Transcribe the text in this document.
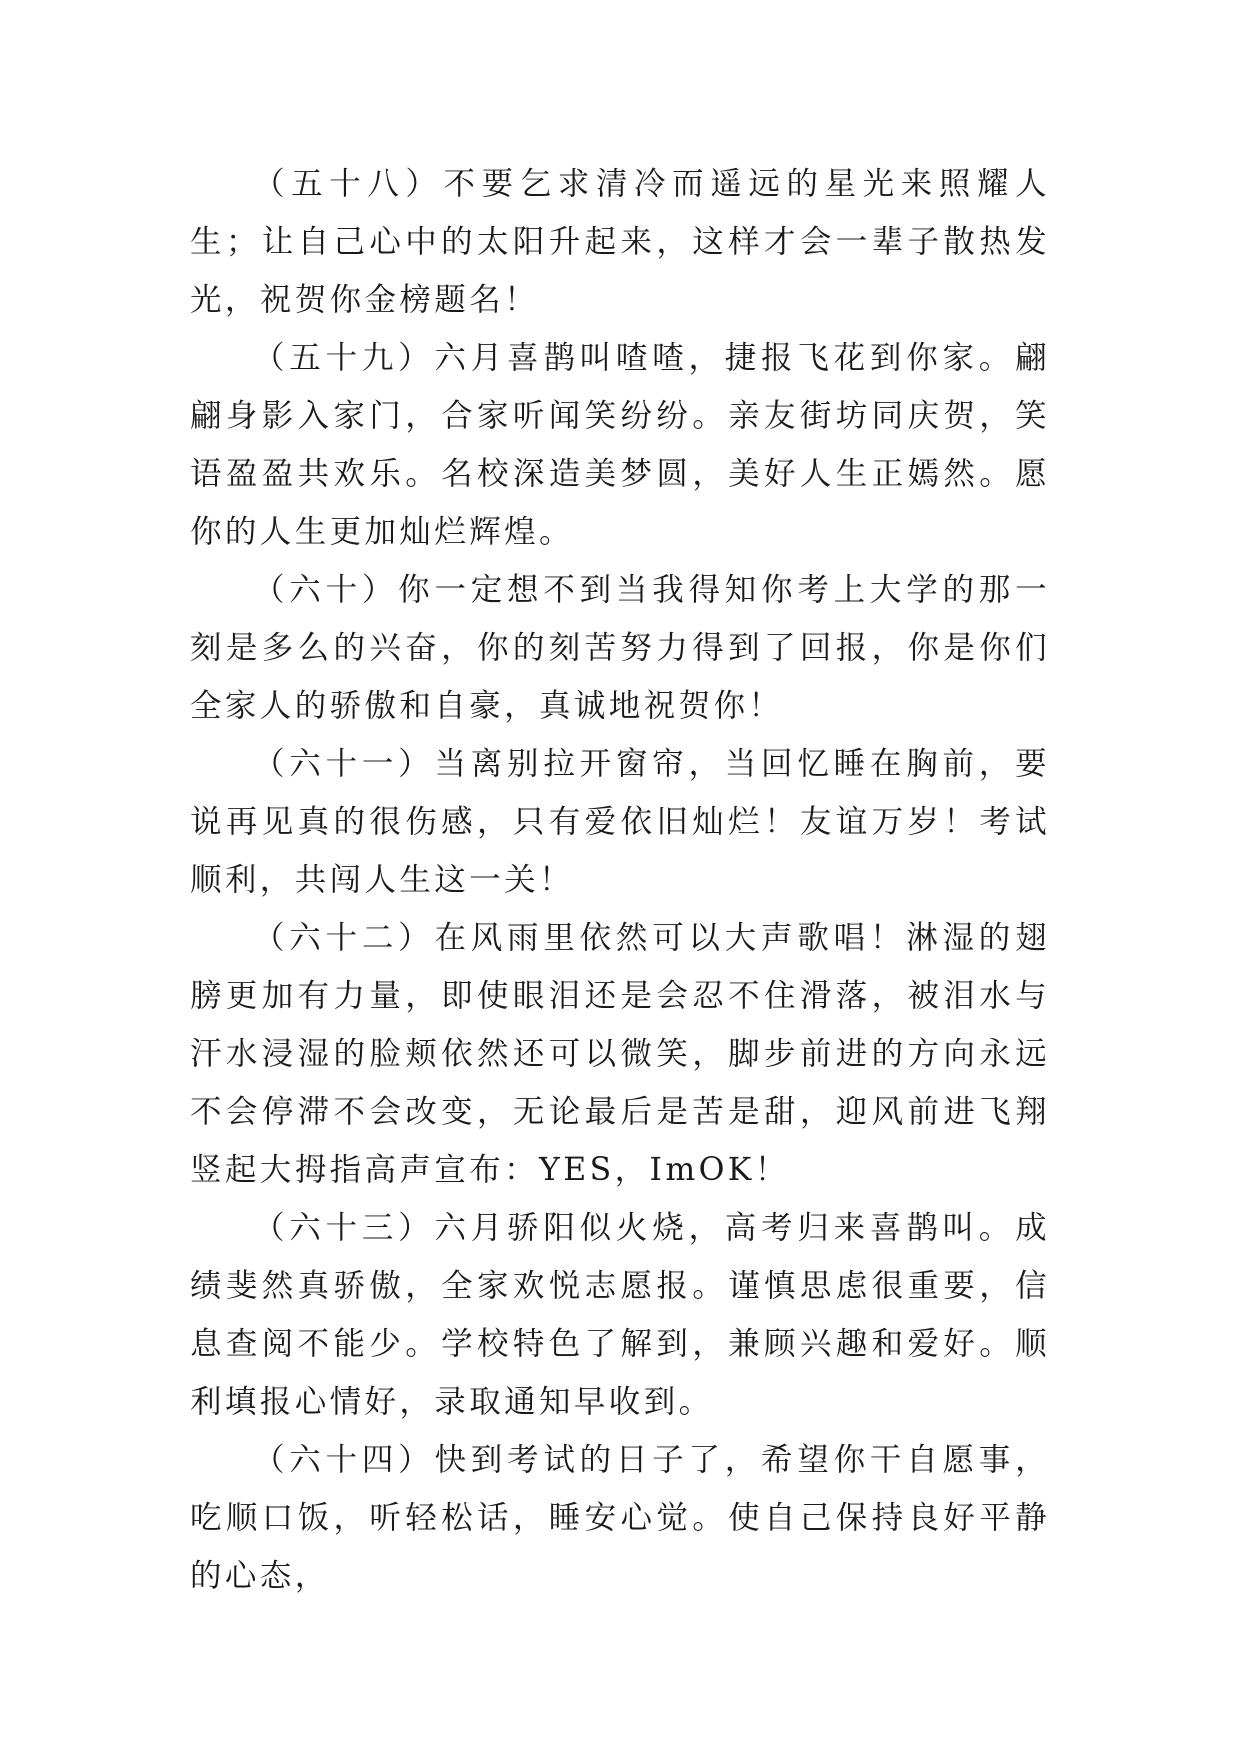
（五十八）不要乞求清冷而遥远的星光来照耀人生；让自己心中的太阳升起来，这样才会一辈子散热发光，祝贺你金榜题名！

（五十九）六月喜鹊叫喳喳，捷报飞花到你家。翩翩身影入家门，合家听闻笑纷纷。亲友街坊同庆贺，笑语盈盈共欢乐。名校深造美梦圆，美好人生正嫣然。愿你的人生更加灿烂辉煌。

（六十）你一定想不到当我得知你考上大学的那一刻是多么的兴奋，你的刻苦努力得到了回报，你是你们全家人的骄傲和自豪，真诚地祝贺你！

（六十一）当离别拉开窗帘，当回忆睡在胸前，要说再见真的很伤感，只有爱依旧灿烂！友谊万岁！考试顺利，共闯人生这一关！

（六十二）在风雨里依然可以大声歌唱！淋湿的翅膀更加有力量，即使眼泪还是会忍不住滑落，被泪水与汗水浸湿的脸颊依然还可以微笑，脚步前进的方向永远不会停滞不会改变，无论最后是苦是甜，迎风前进飞翔竖起大拇指高声宣布：YES，ImOK！

（六十三）六月骄阳似火烧，高考归来喜鹊叫。成绩斐然真骄傲，全家欢悦志愿报。谨慎思虑很重要，信息查阅不能少。学校特色了解到，兼顾兴趣和爱好。顺利填报心情好，录取通知早收到。

（六十四）快到考试的日子了，希望你干自愿事，吃顺口饭，听轻松话，睡安心觉。使自己保持良好平静的心态，
